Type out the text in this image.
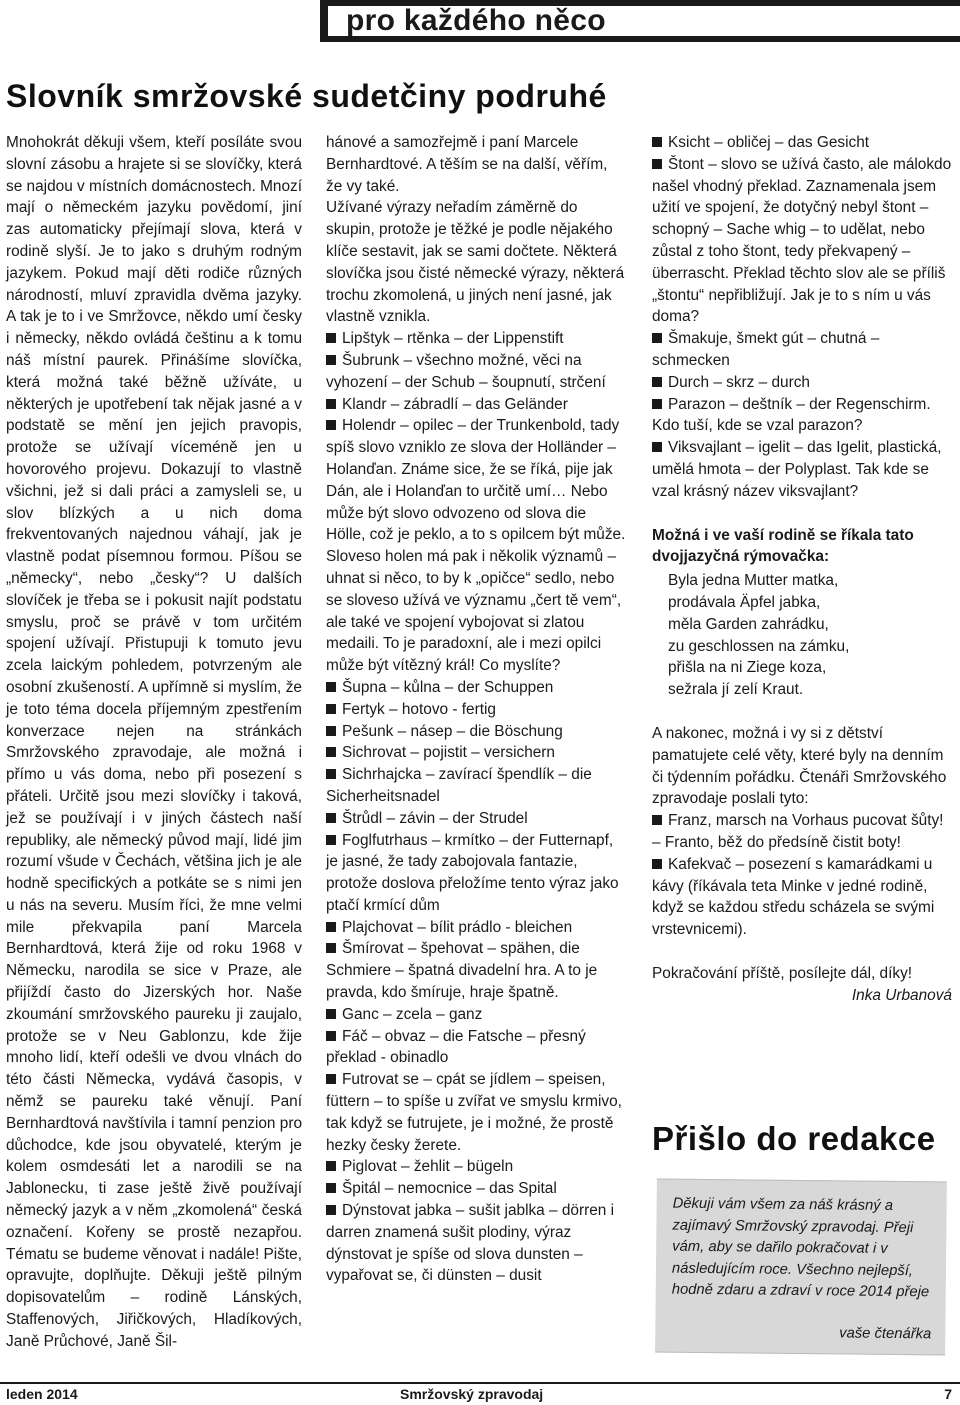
pro každého něco
Slovník smržovské sudetčiny podruhé

Mnohokrát děkuji všem, kteří posíláte svou slovní zásobu a hrajete si se slovíčky, která se najdou v místních domácnostech. Mnozí mají o německém jazyku povědomí, jiní zas automaticky přejímají slova, která v rodině slyší. Je to jako s druhým rodným jazykem. Pokud mají děti rodiče různých národností, mluví zpravidla dvěma jazyky. A tak je to i ve Smržovce, někdo umí česky i německy, někdo ovládá češtinu a k tomu náš místní paurek. Přinášíme slovíčka, která možná také běžně užíváte, u některých je upotřebení tak nějak jasné a v podstatě se mění jen jejich pravopis, protože se užívají víceméně jen u hovorového projevu. Dokazují to vlastně všichni, jež si dali práci a zamysleli se, u slov blízkých a u nich doma frekventovaných najednou váhají, jak je vlastně podat písemnou formou. Píšou se „německy“, nebo „česky“? U dalších slovíček je třeba se i pokusit najít podstatu smyslu, proč se právě v tom určitém spojení užívají. Přistupuji k tomuto jevu zcela laickým pohledem, potvrzeným ale osobní zkušeností. A upřímně si myslím, že je toto téma docela příjemným zpestřením konverzace nejen na stránkách Smržovského zpravodaje, ale možná i přímo u vás doma, nebo při posezení s přáteli. Určitě jsou mezi slovíčky i taková, jež se používají i v jiných částech naší republiky, ale německý původ mají, lidé jim rozumí všude v Čechách, většina jich je ale hodně specifických a potkáte se s nimi jen u nás na severu. Musím říci, že mne velmi mile překvapila paní Marcela Bernhardtová, která žije od roku 1968 v Německu, narodila se sice v Praze, ale přijíždí často do Jizerských hor. Naše zkoumání smržovského paureku ji zaujalo, protože se v Neu Gablonzu, kde žije mnoho lidí, kteří odešli ve dvou vlnách do této části Německa, vydává časopis, v němž se paureku také věnují. Paní Bernhardtová navštívila i tamní penzion pro důchodce, kde jsou obyvatelé, kterým je kolem osmdesáti let a narodili se na Jablonecku, ti zase ještě živě používají německý jazyk a v něm „zkomolená“ česká označení. Kořeny se prostě nezapřou. Tématu se budeme věnovat i nadále! Pište, opravujte, doplňujte. Děkuji ještě pilným dopisovatelům – rodině Lánských, Staffenových, Jiřičkových, Hladíkových, Janě Průchové, Janě Šil-

hánové a samozřejmě i paní Marcele Bernhardtové. A těším se na další, věřím, že vy také.

Užívané výrazy neřadím záměrně do skupin, protože je těžké je podle nějakého klíče sestavit, jak se sami dočtete. Některá slovíčka jsou čisté německé výrazy, některá trochu zkomolená, u jiných není jasné, jak vlastně vznikla.

Lipštyk – rtěnka – der Lippenstift

Šubrunk – všechno možné, věci na vyhození – der Schub – šoupnutí, strčení

Klandr – zábradlí – das Geländer

Holendr – opilec – der Trunkenbold, tady spíš slovo vzniklo ze slova der Holländer – Holanďan. Známe sice, že se říká, pije jak Dán, ale i Holanďan to určitě umí… Nebo může být slovo odvozeno od slova die Hölle, což je peklo, a to s opilcem být může. Sloveso holen má pak i několik významů – uhnat si něco, to by k „opičce“ sedlo, nebo se sloveso užívá ve významu „čert tě vem“, ale také ve spojení vybojovat si zlatou medaili. To je paradoxní, ale i mezi opilci může být vítězný král! Co myslíte?

Šupna – kůlna – der Schuppen

Fertyk – hotovo - fertig

Pešunk – násep – die Böschung

Sichrovat – pojistit – versichern

Sichrhajcka – zavírací špendlík – die Sicherheitsnadel

Štrůdl – závin – der Strudel

Foglfutrhaus – krmítko – der Futternapf, je jasné, že tady zabojovala fantazie, protože doslova přeložíme tento výraz jako ptačí krmící dům

Plajchovat – bílit prádlo - bleichen

Šmírovat – špehovat – spähen, die Schmiere – špatná divadelní hra. A to je pravda, kdo šmíruje, hraje špatně.

Ganc – zcela – ganz

Fáč – obvaz – die Fatsche – přesný překlad - obinadlo

Futrovat se – cpát se jídlem – speisen, füttern – to spíše u zvířat ve smyslu krmivo, tak když se futrujete, je i možné, že prostě hezky česky žerete.

Piglovat – žehlit – bügeln

Špitál – nemocnice – das Spital

Dýnstovat jabka – sušit jablka – dörren i darren znamená sušit plodiny, výraz dýnstovat je spíše od slova dunsten – vypařovat se, či dünsten – dusit

Ksicht – obličej – das Gesicht

Štont – slovo se užívá často, ale málokdo našel vhodný překlad. Zaznamenala jsem užití ve spojení, že dotyčný nebyl štont – schopný – Sache whig – to udělat, nebo zůstal z toho štont, tedy překvapený – überrascht. Překlad těchto slov ale se příliš „štontu“ nepřibližují. Jak je to s ním u vás doma?

Šmakuje, šmekt gút – chutná – schmecken

Durch – skrz – durch

Parazon – deštník – der Regenschirm. Kdo tuší, kde se vzal parazon?

Viksvajlant – igelit – das Igelit, plastická, umělá hmota – der Polyplast. Tak kde se vzal krásný název viksvajlant?

Možná i ve vaší rodině se říkala tato dvojjazyčná rýmovačka:

Byla jedna Mutter matka,

prodávala Äpfel jabka,

měla Garden zahrádku,

zu geschlossen na zámku,

přišla na ni Ziege koza,

sežrala jí zelí Kraut.

A nakonec, možná i vy si z dětství pamatujete celé věty, které byly na denním či týdenním pořádku. Čtenáři Smržovského zpravodaje poslali tyto:

Franz, marsch na Vorhaus pucovat šůty! – Franto, běž do předsíně čistit boty!

Kafekvač – posezení s kamarádkami u kávy (říkávala teta Minke v jedné rodině, když se každou středu scházela se svými vrstevnicemi).

Pokračování příště, posílejte dál, díky!

Inka Urbanová

Přišlo do redakce
Děkuji vám všem za náš krásný a zajímavý Smržovský zpravodaj. Přeji vám, aby se dařilo pokračovat i v následujícím roce. Všechno nejlepší, hodně zdaru a zdraví v roce 2014 přeje
vaše čtenářka
leden 2014	Smržovský zpravodaj	7
